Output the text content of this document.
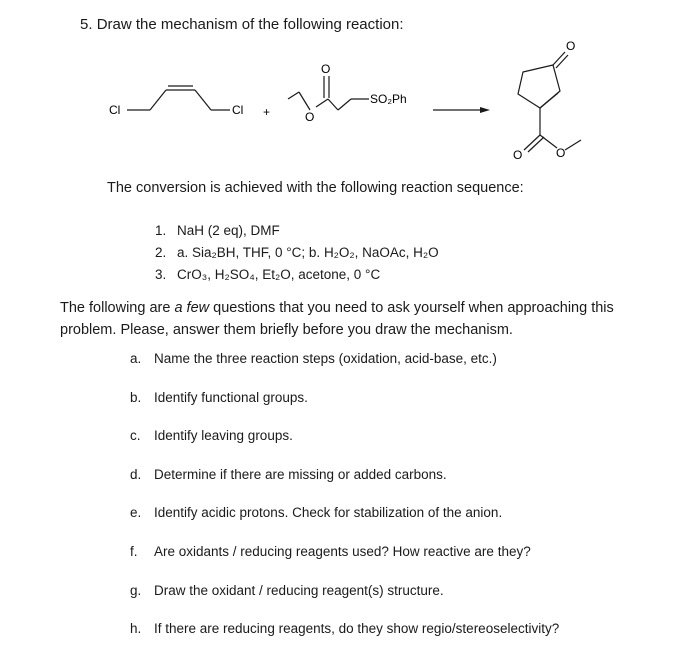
5. Draw the mechanism of the following reaction:
Cl	Cl +
O
O
SO₂Ph
O
O	O
The conversion is achieved with the following reaction sequence:
1. NaH (2 eq), DMF
2. a. Sia₂BH, THF, 0 °C; b. H₂O₂, NaOAc, H₂O
3. CrO₃, H₂SO₄, Et₂O, acetone, 0 °C
The following are a few questions that you need to ask yourself when approaching this
problem. Please, answer them briefly before you draw the mechanism.
a. Name the three reaction steps (oxidation, acid-base, etc.)
b. Identify functional groups.
c. Identify leaving groups.
d. Determine if there are missing or added carbons.
e. Identify acidic protons. Check for stabilization of the anion.
f. Are oxidants / reducing reagents used? How reactive are they?
g. Draw the oxidant / reducing reagent(s) structure.
h. If there are reducing reagents, do they show regio/stereoselectivity?
